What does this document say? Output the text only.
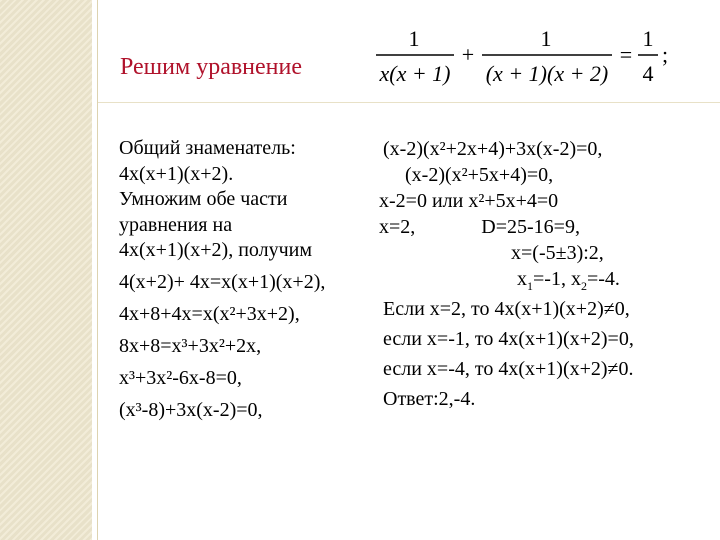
Решим уравнение
1
x(x + 1)
+
1
(x + 1)(x + 2)
=
1
4
;
Общий знаменатель:
4x(x+1)(x+2).
Умножим обе части
уравнения на
4x(x+1)(x+2), получим
4(x+2)+ 4x=x(x+1)(x+2),
4x+8+4x=x(x²+3x+2),
8x+8=x³+3x²+2x,
x³+3x²-6x-8=0,
(x³-8)+3x(x-2)=0,
(x-2)(x²+2x+4)+3x(x-2)=0,
(x-2)(x²+5x+4)=0,
x-2=0 или x²+5x+4=0
x=2,	D=25-16=9,
x=(-5±3):2,
$x_1=-1$, $x_2=-4$.
Если x=2, то 4x(x+1)(x+2)≠0,
если x=-1, то 4x(x+1)(x+2)=0,
если x=-4, то 4x(x+1)(x+2)≠0.
Ответ:2,-4.
